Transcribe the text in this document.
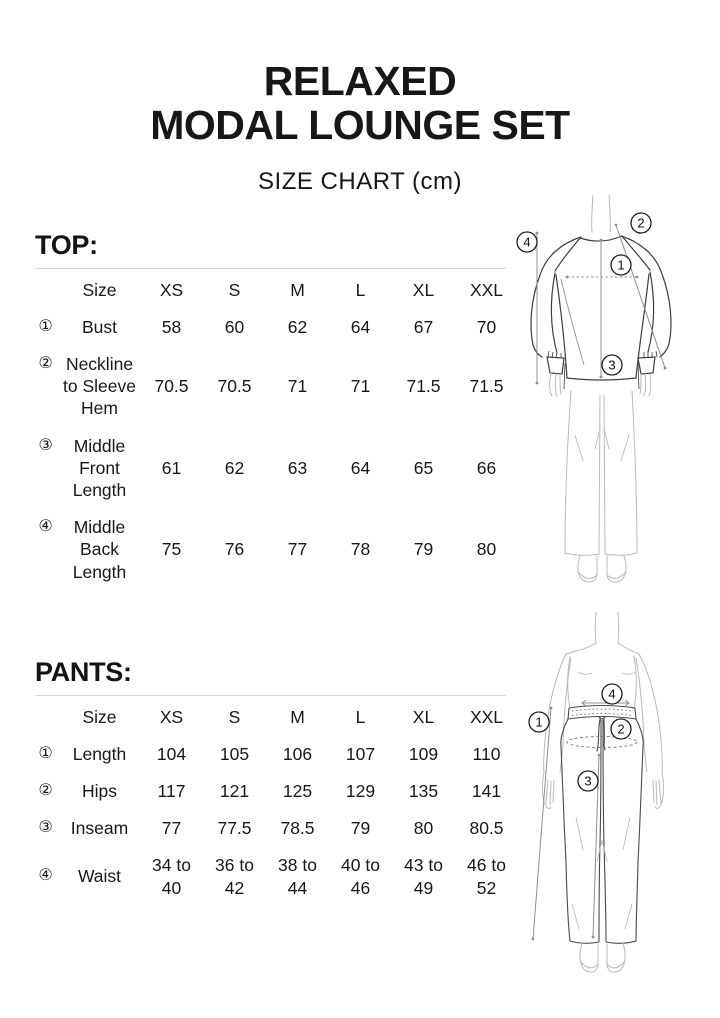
RELAXED
MODAL LOUNGE SET
SIZE CHART (cm)
TOP:
Size	XS	S	M	L	XL	XXL

① Bust	58	60	62	64	67	70

② Neckline to Sleeve Hem	70.5	70.5	71	71	71.5	71.5

③ Middle Front Length	61	62	63	64	65	66

④ Middle Back Length	75	76	77	78	79	80
PANTS:
Size	XS	S	M	L	XL	XXL

① Length	104	105	106	107	109	110

② Hips	117	121	125	129	135	141

③ Inseam	77	77.5	78.5	79	80	80.5

④ Waist	34 to 40	36 to 42	38 to 44	40 to 46	43 to 49	46 to 52
1
2
3
4
1	2
3
4
